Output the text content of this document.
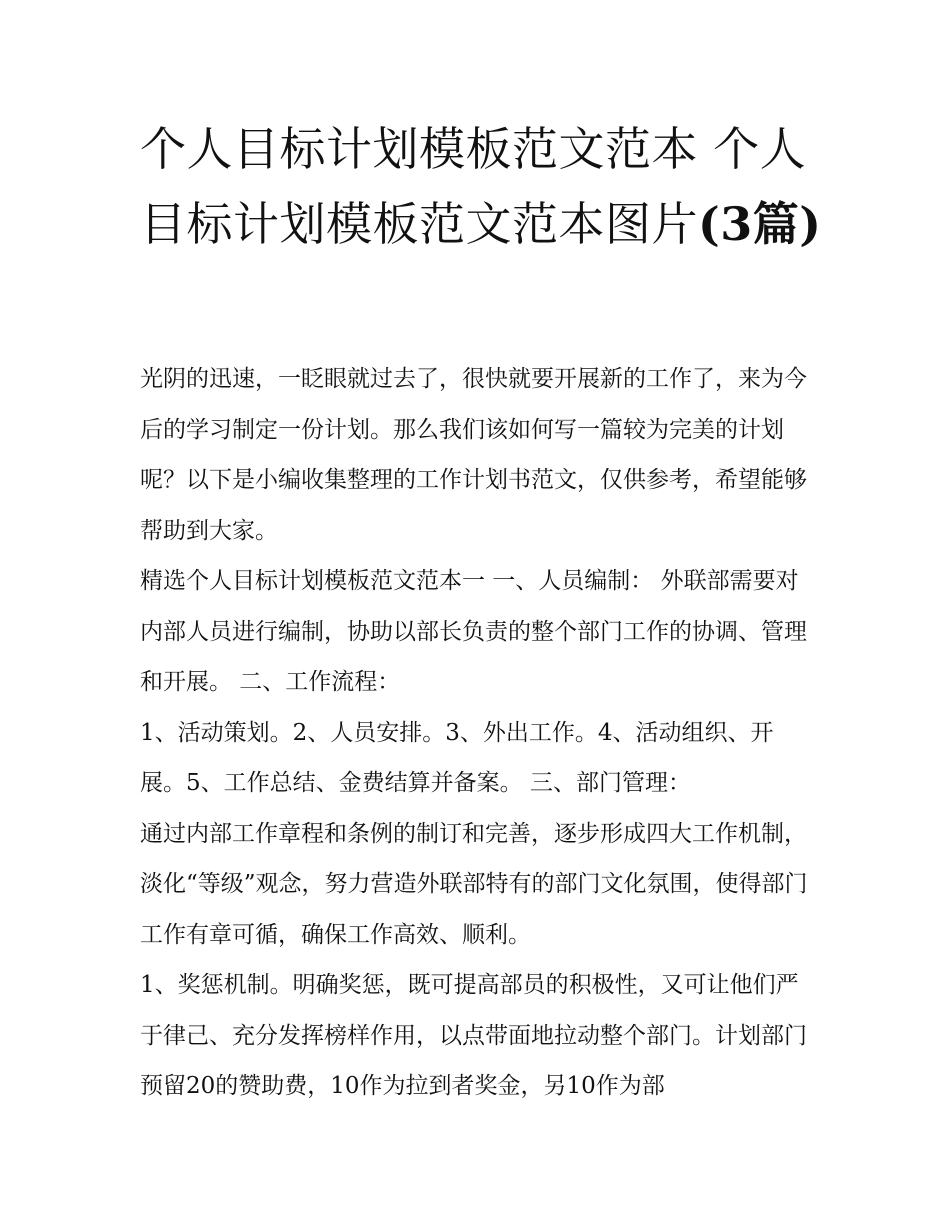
个人目标计划模板范文范本 个人目标计划模板范文范本图片(3篇)

光阴的迅速，一眨眼就过去了，很快就要开展新的工作了，来为今后的学习制定一份计划。那么我们该如何写一篇较为完美的计划呢？以下是小编收集整理的工作计划书范文，仅供参考，希望能够帮助到大家。

精选个人目标计划模板范文范本一 一、人员编制： 外联部需要对内部人员进行编制，协助以部长负责的整个部门工作的协调、管理和开展。 二、工作流程：

1、活动策划。2、人员安排。3、外出工作。4、活动组织、开展。5、工作总结、金费结算并备案。 三、部门管理：

通过内部工作章程和条例的制订和完善，逐步形成四大工作机制，淡化“等级”观念，努力营造外联部特有的部门文化氛围，使得部门工作有章可循，确保工作高效、顺利。

1、奖惩机制。明确奖惩，既可提高部员的积极性，又可让他们严于律己、充分发挥榜样作用，以点带面地拉动整个部门。计划部门预留20的赞助费，10作为拉到者奖金，另10作为部
